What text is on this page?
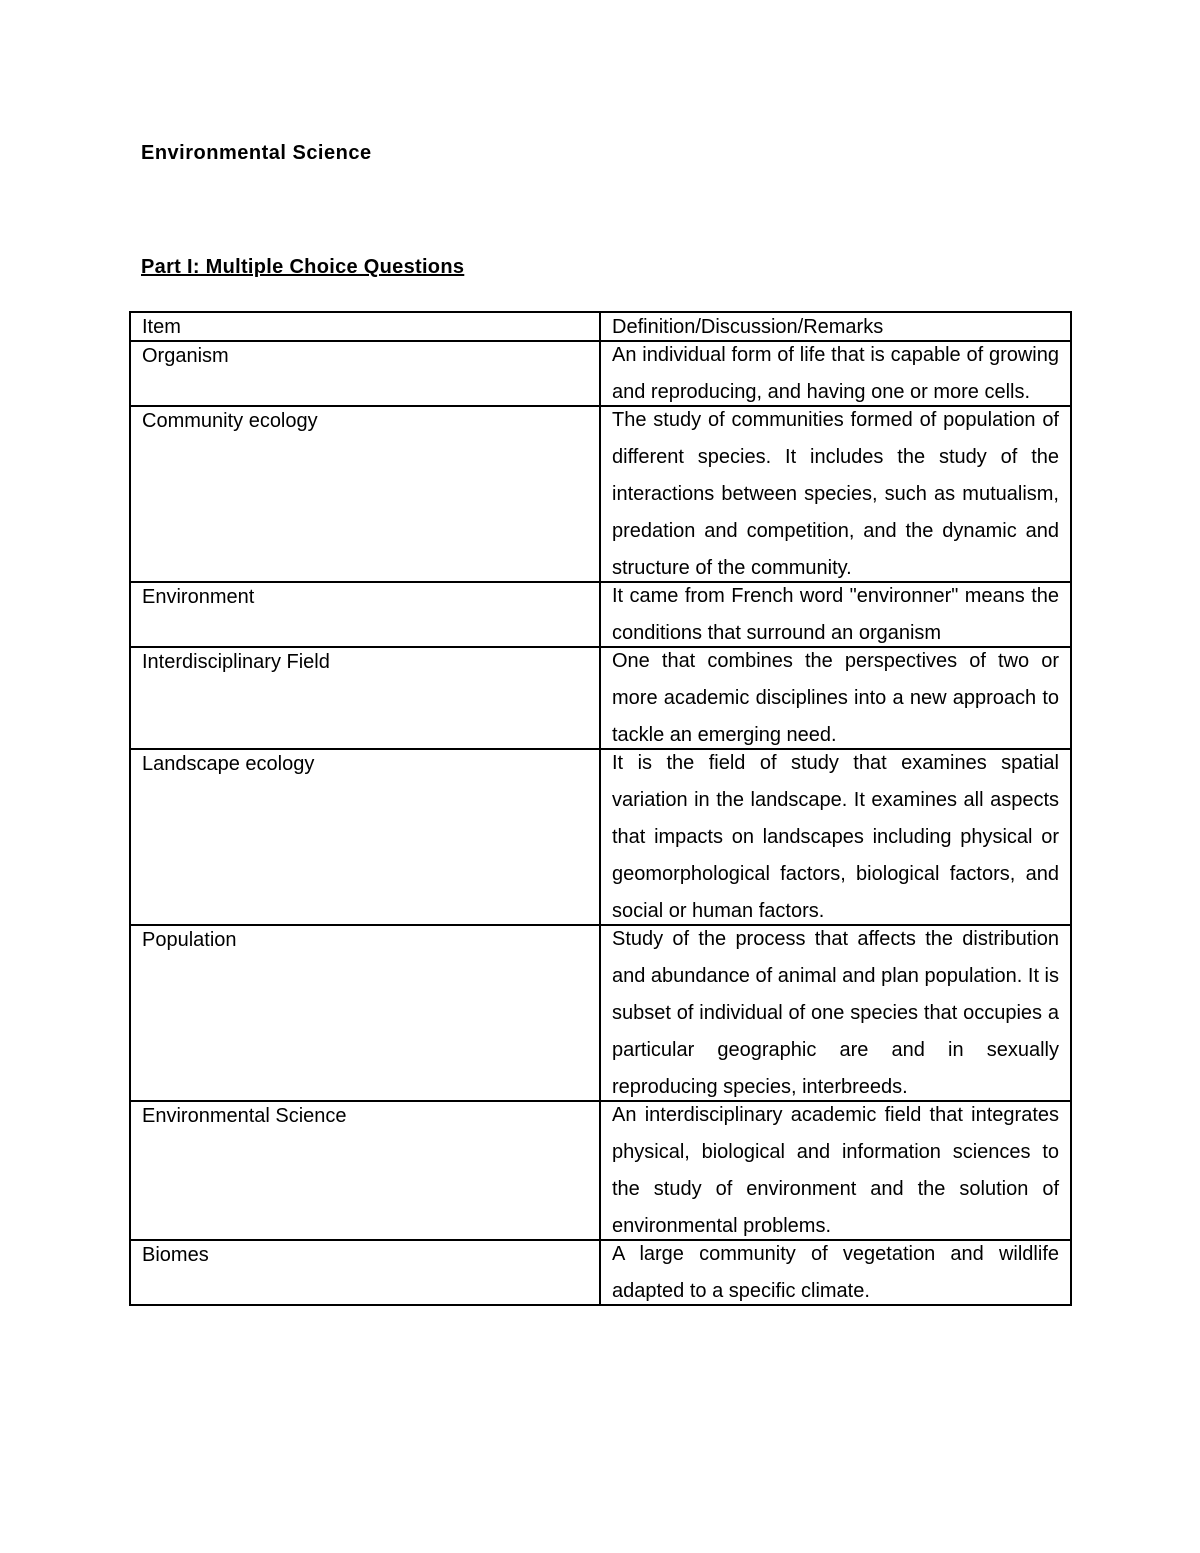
Environmental Science
Part I: Multiple Choice Questions
Item	Definition/Discussion/Remarks
Organism	An individual form of life that is capable of growing and reproducing, and having one or more cells.

Community ecology	The study of communities formed of population of different species. It includes the study of the interactions between species, such as mutualism, predation and competition, and the dynamic and structure of the community.

Environment	It came from French word "environner" means the conditions that surround an organism

Interdisciplinary Field	One that combines the perspectives of two or more academic disciplines into a new approach to tackle an emerging need.

Landscape ecology	It is the field of study that examines spatial variation in the landscape. It examines all aspects that impacts on landscapes including physical or geomorphological factors, biological factors, and social or human factors.

Population	Study of the process that affects the distribution and abundance of animal and plan population. It is subset of individual of one species that occupies a particular geographic are and in sexually reproducing species, interbreeds.

Environmental Science	An interdisciplinary academic field that integrates physical, biological and information sciences to the study of environment and the solution of environmental problems.

Biomes	A large community of vegetation and wildlife adapted to a specific climate.
